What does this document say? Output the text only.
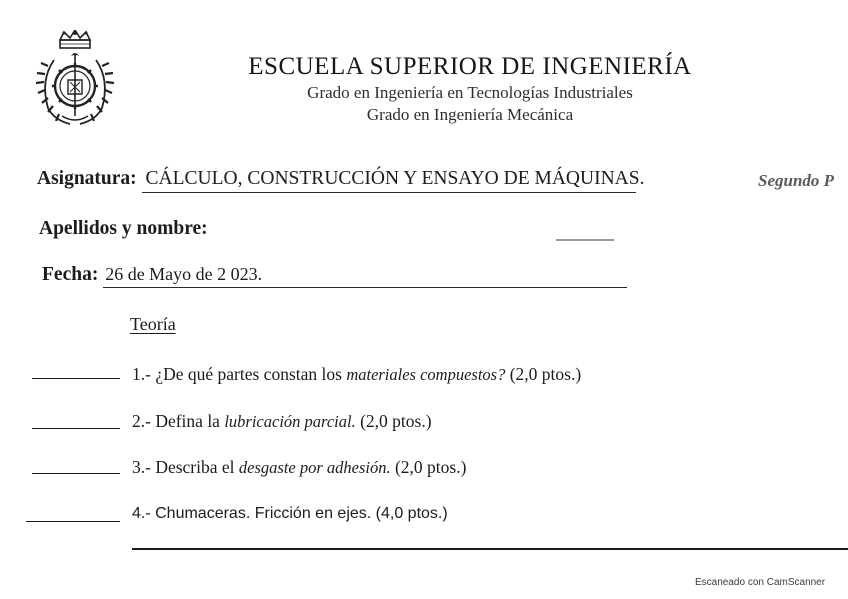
ESCUELA SUPERIOR DE INGENIERÍA
Grado en Ingeniería en Tecnologías Industriales
Grado en Ingeniería Mecánica
Asignatura: CÁLCULO, CONSTRUCCIÓN Y ENSAYO DE MÁQUINAS.	Segundo P
Apellidos y nombre:
Fecha: 26 de Mayo de 2 023.
Teoría
1.- ¿De qué partes constan los materiales compuestos? (2,0 ptos.)
2.- Defina la lubricación parcial. (2,0 ptos.)
3.- Describa el desgaste por adhesión. (2,0 ptos.)
4.- Chumaceras. Fricción en ejes. (4,0 ptos.)
Escaneado con CamScanner
